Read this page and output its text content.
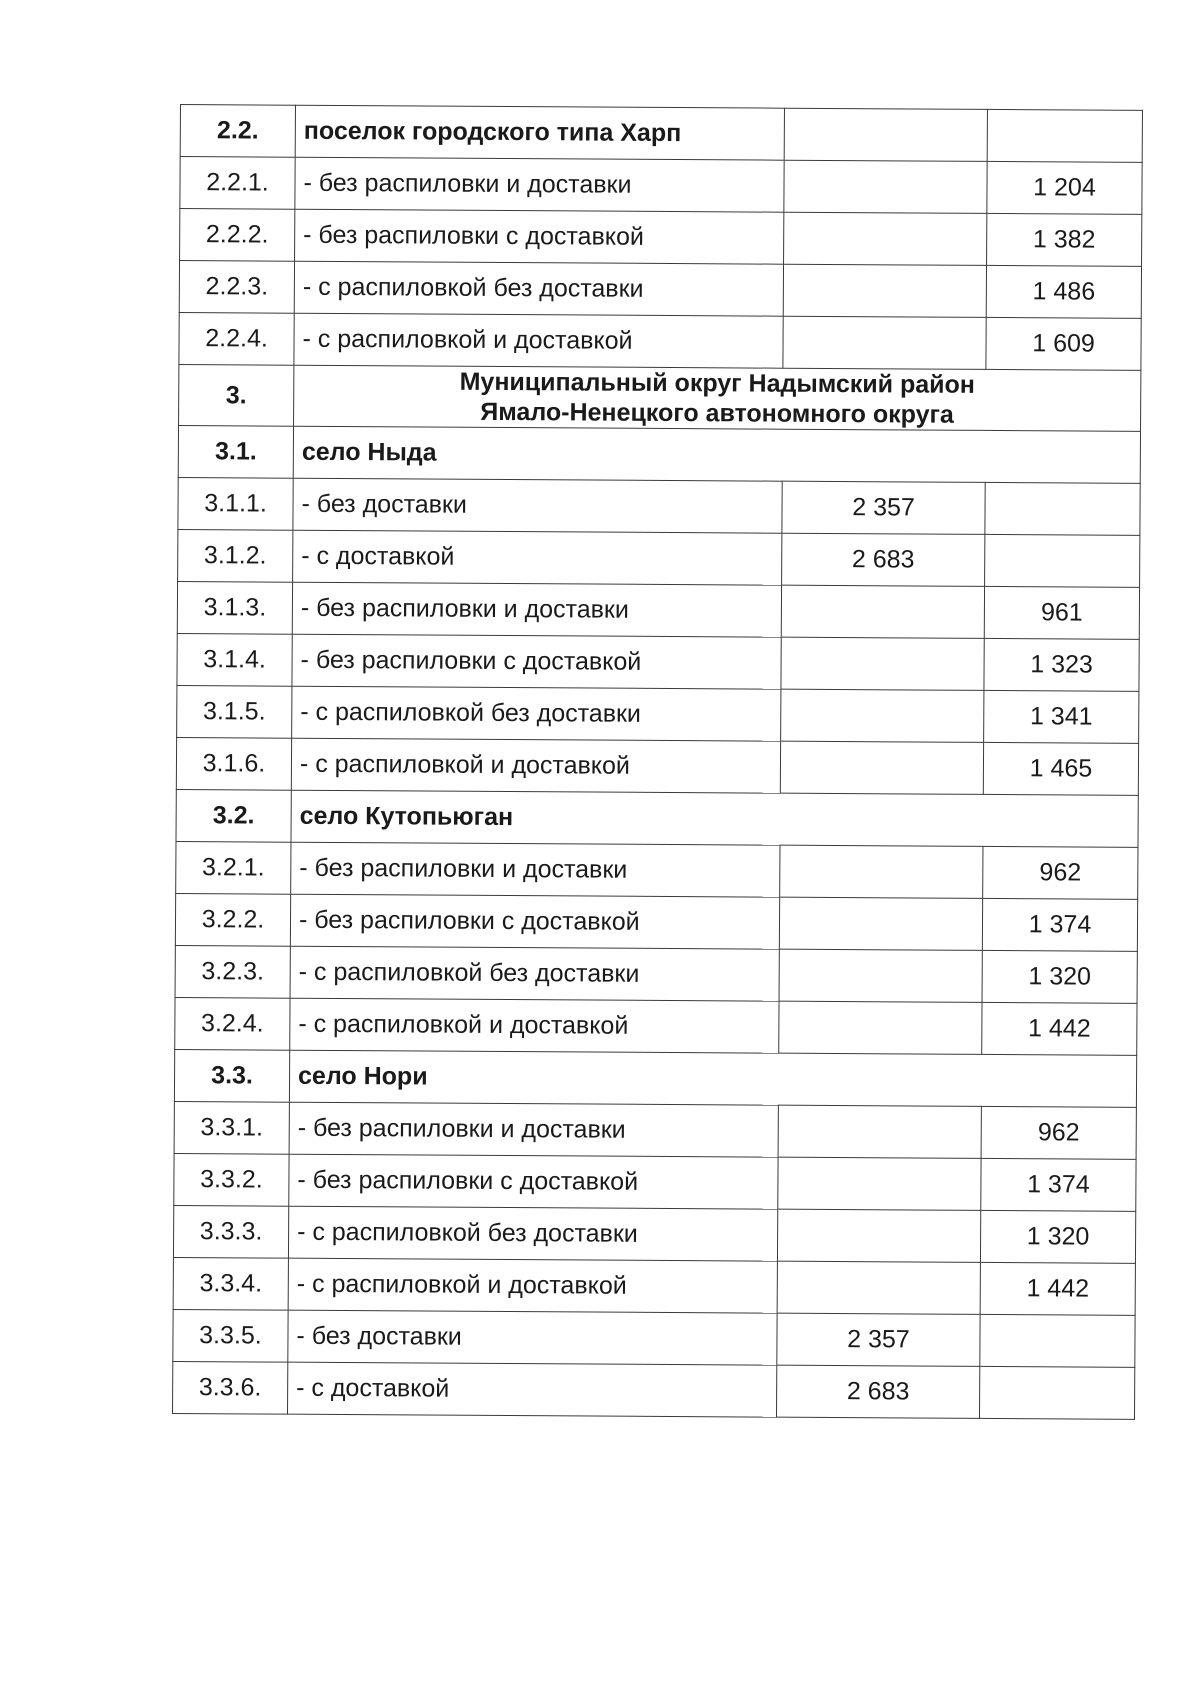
2.2.	поселок городского типа Харп		
2.2.1.	- без распиловки и доставки		1 204
2.2.2.	- без распиловки с доставкой		1 382
2.2.3.	- с распиловкой без доставки		1 486
2.2.4.	- с распиловкой и доставкой		1 609
3.	Муниципальный округ Надымский район
Ямало-Ненецкого автономного округа		
3.1.	село Ныда		
3.1.1.	- без доставки	2 357	
3.1.2.	- с доставкой	2 683	
3.1.3.	- без распиловки и доставки		961
3.1.4.	- без распиловки с доставкой		1 323
3.1.5.	- с распиловкой без доставки		1 341
3.1.6.	- с распиловкой и доставкой		1 465
3.2.	село Кутопьюган		
3.2.1.	- без распиловки и доставки		962
3.2.2.	- без распиловки с доставкой		1 374
3.2.3.	- с распиловкой без доставки		1 320
3.2.4.	- с распиловкой и доставкой		1 442
3.3.	село Нори		
3.3.1.	- без распиловки и доставки		962
3.3.2.	- без распиловки с доставкой		1 374
3.3.3.	- с распиловкой без доставки		1 320
3.3.4.	- с распиловкой и доставкой		1 442
3.3.5.	- без доставки	2 357	
3.3.6.	- с доставкой	2 683	
